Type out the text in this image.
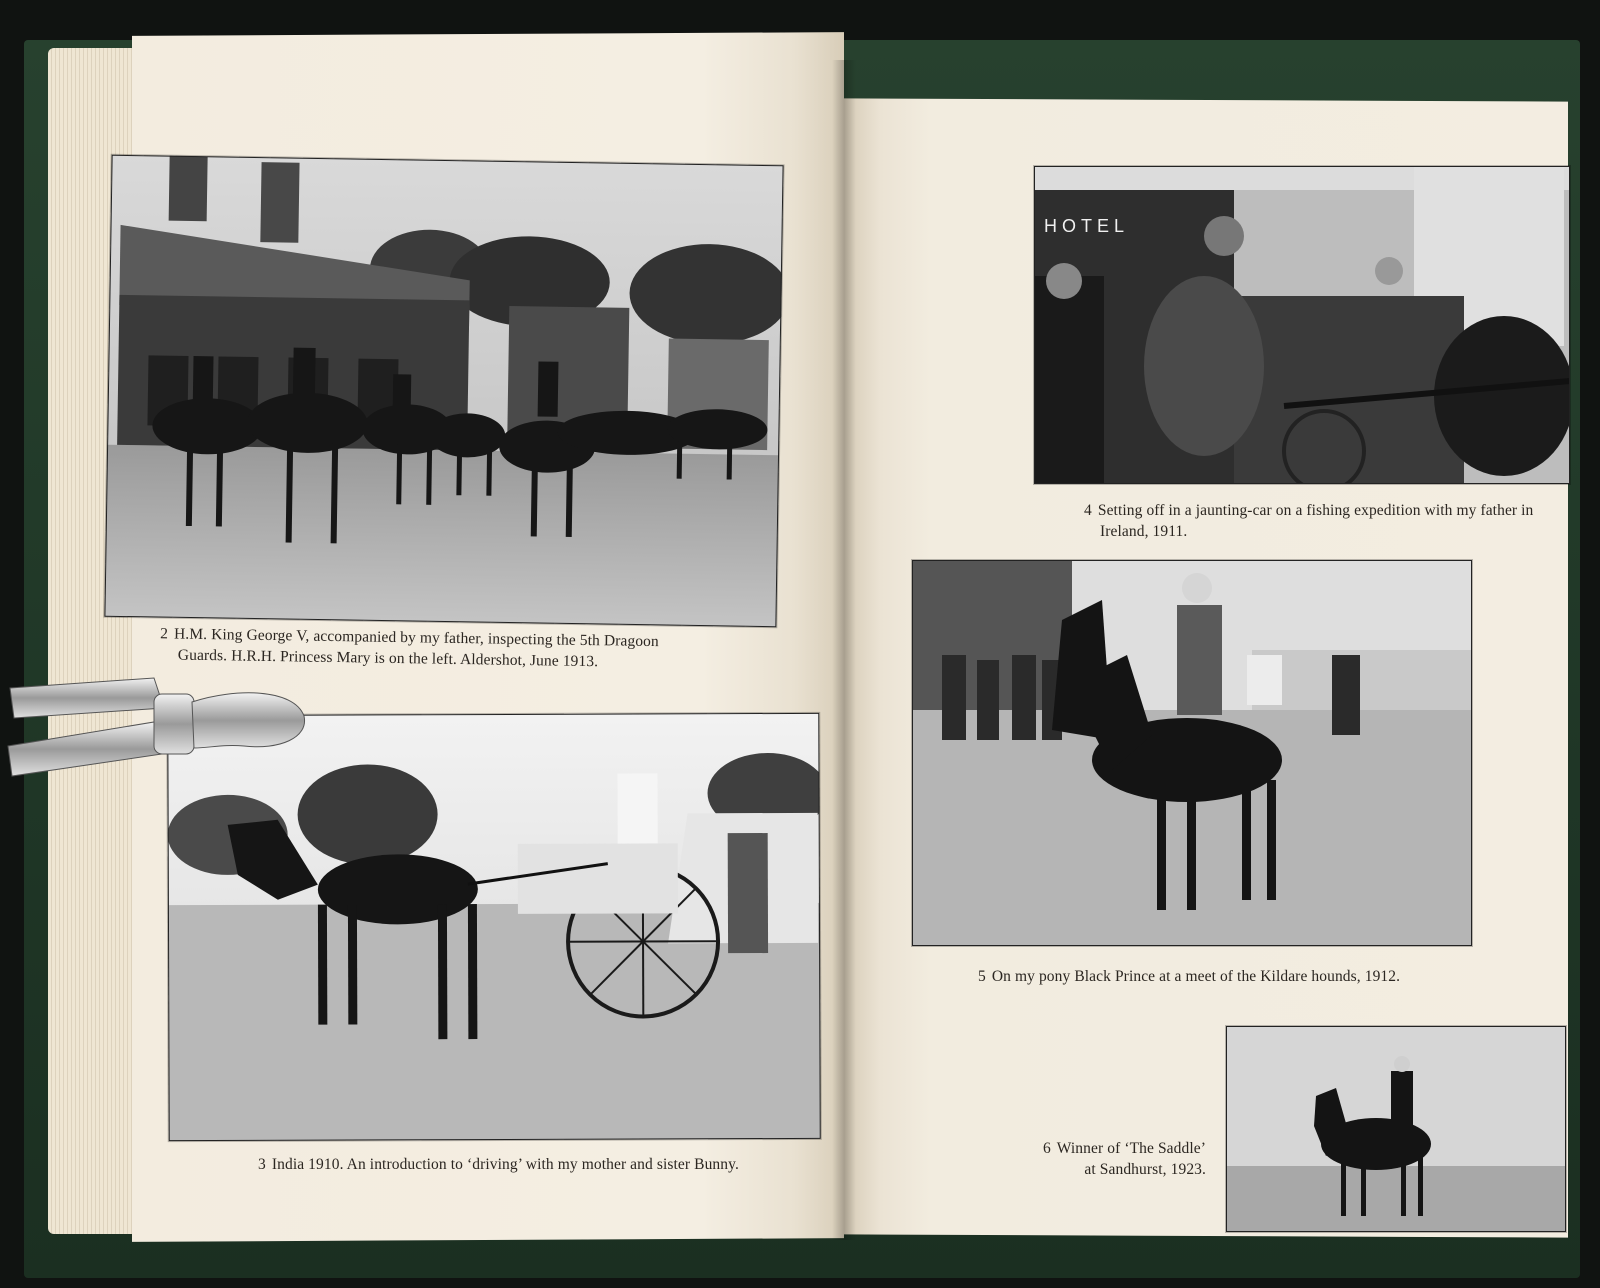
2 H.M. King George V, accompanied by my father, inspecting the 5th Dragoon
Guards. H.R.H. Princess Mary is on the left. Aldershot, June 1913.
3 India 1910. An introduction to ‘driving’ with my mother and sister Bunny.
HOTEL
4 Setting off in a jaunting-car on a fishing expedition with my father in
Ireland, 1911.
5 On my pony Black Prince at a meet of the Kildare hounds, 1912.
6 Winner of ‘The Saddle’
at Sandhurst, 1923.
